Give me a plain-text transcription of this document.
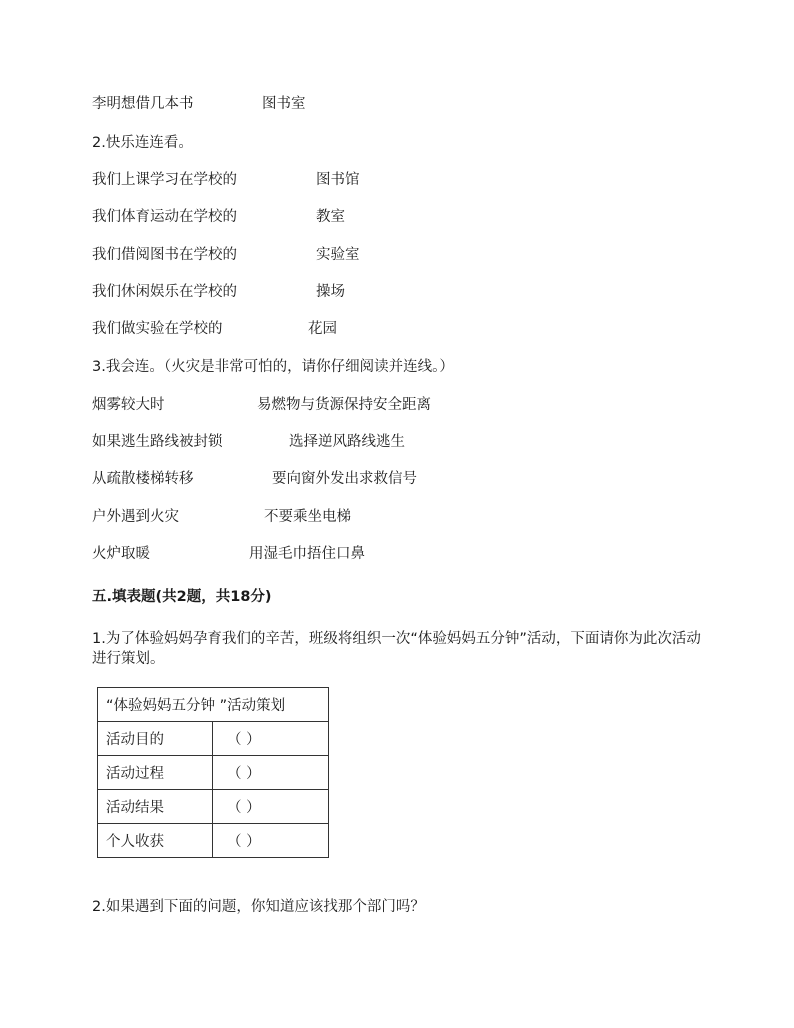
李明想借几本书	图书室
2.快乐连连看。
我们上课学习在学校的	图书馆
我们体育运动在学校的	教室
我们借阅图书在学校的	实验室
我们休闲娱乐在学校的	操场
我们做实验在学校的	花园
3.我会连。（火灾是非常可怕的，请你仔细阅读并连线。）
烟雾较大时	易燃物与货源保持安全距离
如果逃生路线被封锁	选择逆风路线逃生
从疏散楼梯转移	要向窗外发出求救信号
户外遇到火灾	不要乘坐电梯
火炉取暖	用湿毛巾捂住口鼻
五.填表题(共2题，共18分)
1.为了体验妈妈孕育我们的辛苦，班级将组织一次“体验妈妈五分钟”活动，下面请你为此次活动进行策划。
“体验妈妈五分钟 ”活动策划	
活动目的	（ ）
活动过程	（ ）
活动结果	（ ）
个人收获	（ ）
2.如果遇到下面的问题，你知道应该找那个部门吗？
